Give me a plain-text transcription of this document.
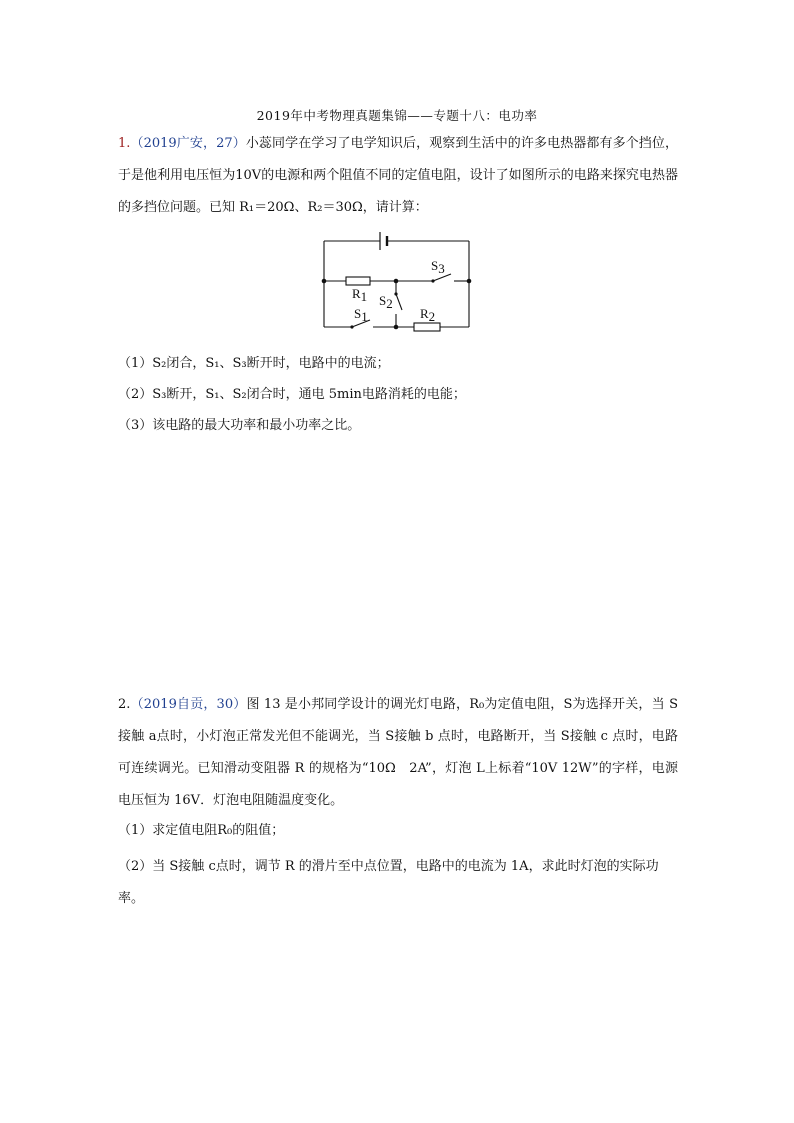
2019年中考物理真题集锦——专题十八：电功率
1.（2019广安，27）小蕊同学在学习了电学知识后，观察到生活中的许多电热器都有多个挡位，于是他利用电压恒为10V的电源和两个阻值不同的定值电阻，设计了如图所示的电路来探究电热器的多挡位问题。已知 R₁＝20Ω、R₂＝30Ω，请计算：
S3
R1 S2
S1	R2
（1）S₂闭合，S₁、S₃断开时，电路中的电流；
（2）S₃断开，S₁、S₂闭合时，通电 5min电路消耗的电能；
（3）该电路的最大功率和最小功率之比。
2.（2019自贡，30）图 13 是小邦同学设计的调光灯电路，R₀为定值电阻，S为选择开关，当 S接触 a点时，小灯泡正常发光但不能调光，当 S接触 b 点时，电路断开，当 S接触 c 点时，电路可连续调光。已知滑动变阻器 R 的规格为“10Ω　2A”，灯泡 L上标着“10V 12W”的字样，电源电压恒为 16V．灯泡电阻随温度变化。
（1）求定值电阻R₀的阻值；
（2）当 S接触 c点时，调节 R 的滑片至中点位置，电路中的电流为 1A，求此时灯泡的实际功率。
